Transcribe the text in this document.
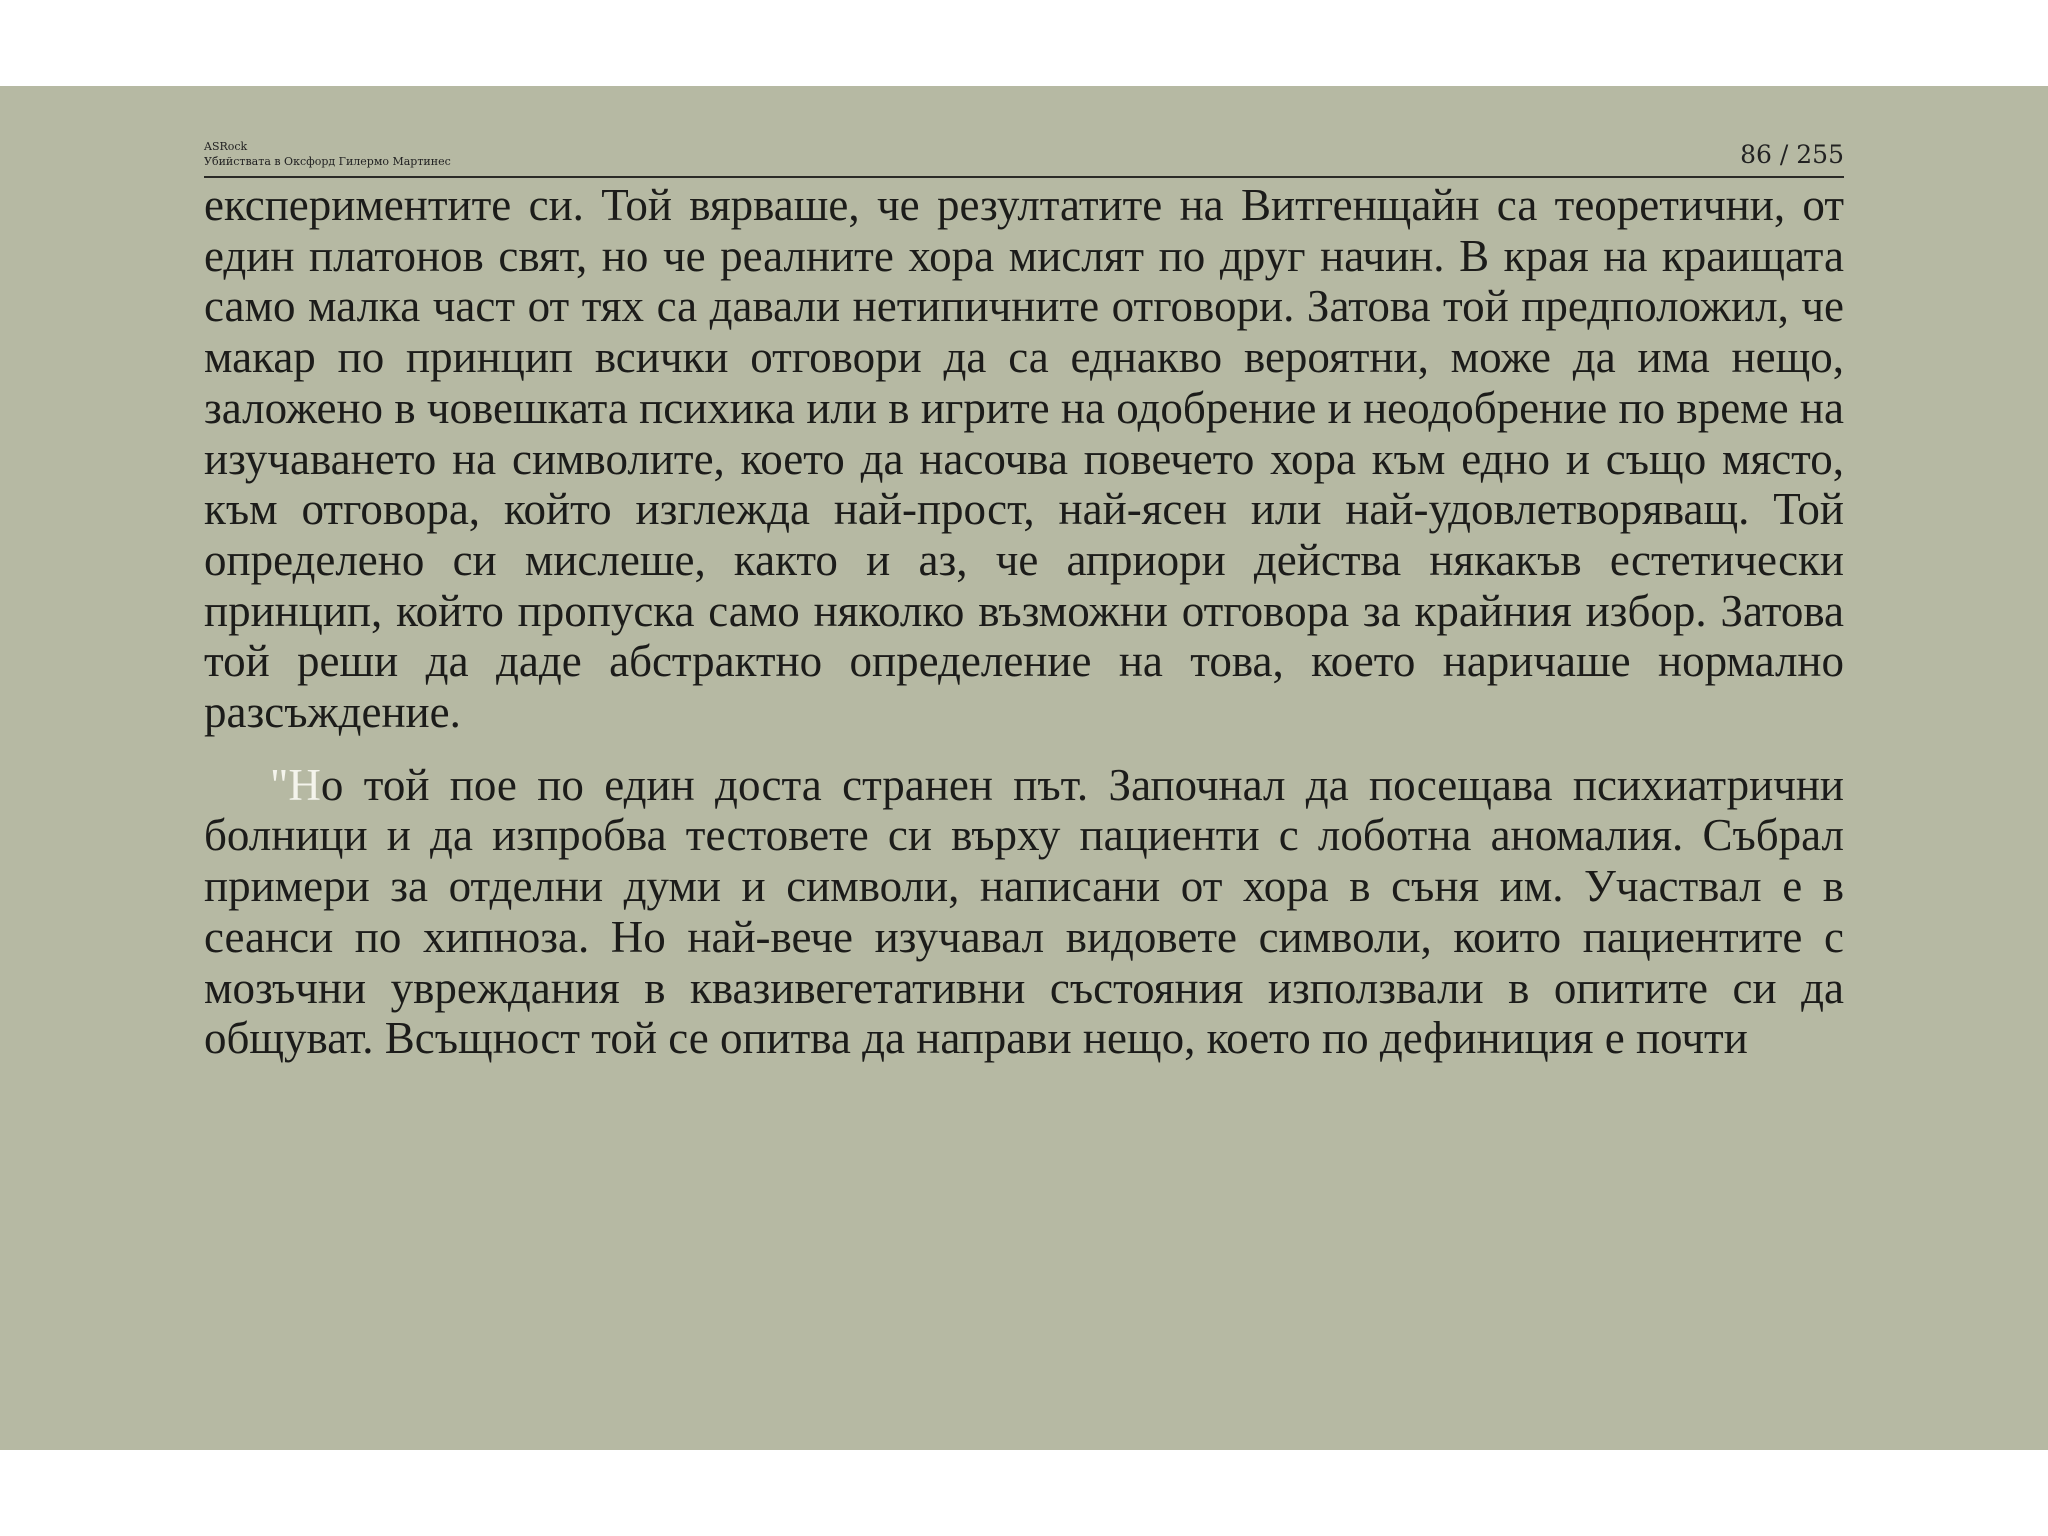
ASRock
Убийствата в Оксфорд Гилермо Мартинес	86 / 255

експериментите си. Той вярваше, че резултатите на Витгенщайн са теоретични, от един платонов свят, но че реалните хора мислят по друг начин. В края на краищата само малка част от тях са давали нетипичните отговори. Затова той предположил, че макар по принцип всички отговори да са еднакво вероятни, може да има нещо, заложено в човешката психика или в игрите на одобрение и неодобрение по време на изучаването на символите, което да насочва повечето хора към едно и също място, към отговора, който изглежда най-прост, най-ясен или най-удовлетворяващ. Той определено си мислеше, както и аз, че априори действа някакъв естетически принцип, който пропуска само няколко възможни отговора за крайния избор. Затова той реши да даде абстрактно определение на това, което наричаше нормално разсъждение.

"Но той пое по един доста странен път. Започнал да посещава психиатрични болници и да изпробва тестовете си върху пациенти с лоботна аномалия. Събрал примери за отделни думи и символи, написани от хора в съня им. Участвал е в сеанси по хипноза. Но най-вече изучавал видовете символи, които пациентите с мозъчни увреждания в квазивегетативни състояния използвали в опитите си да общуват. Всъщност той се опитва да направи нещо, което по дефиниция е почти
